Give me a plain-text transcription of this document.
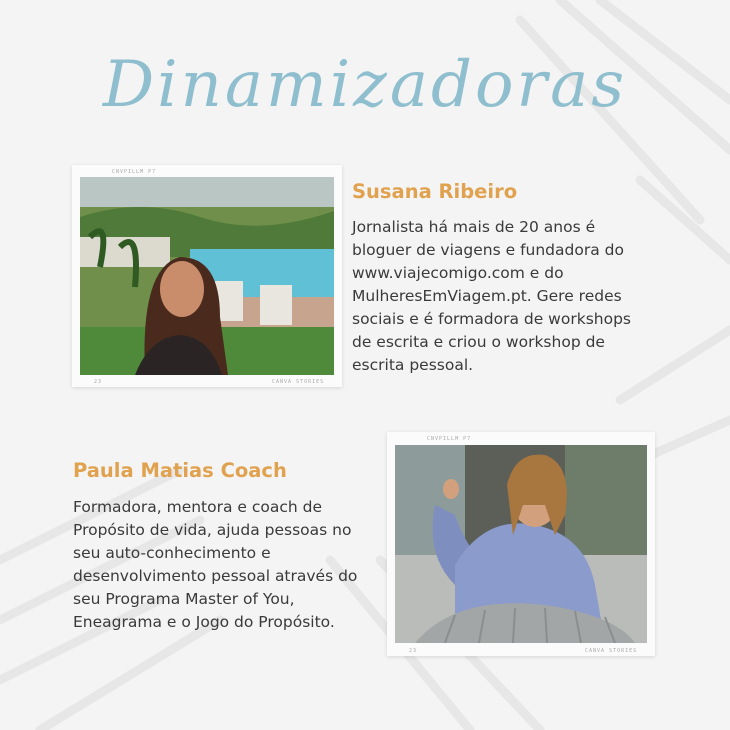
Dinamizadoras
CNVPILLM P7
23	CANVA STORIES
Susana Ribeiro

Jornalista há mais de 20 anos é bloguer de viagens e fundadora do www.viajecomigo.com e do MulheresEmViagem.pt. Gere redes sociais e é formadora de workshops de escrita e criou o workshop de escrita pessoal.

Paula Matias Coach

Formadora, mentora e coach de Propósito de vida, ajuda pessoas no seu auto-conhecimento e desenvolvimento pessoal através do seu Programa Master of You, Eneagrama e o Jogo do Propósito.

CNVPILLM P7
23	CANVA STORIES
